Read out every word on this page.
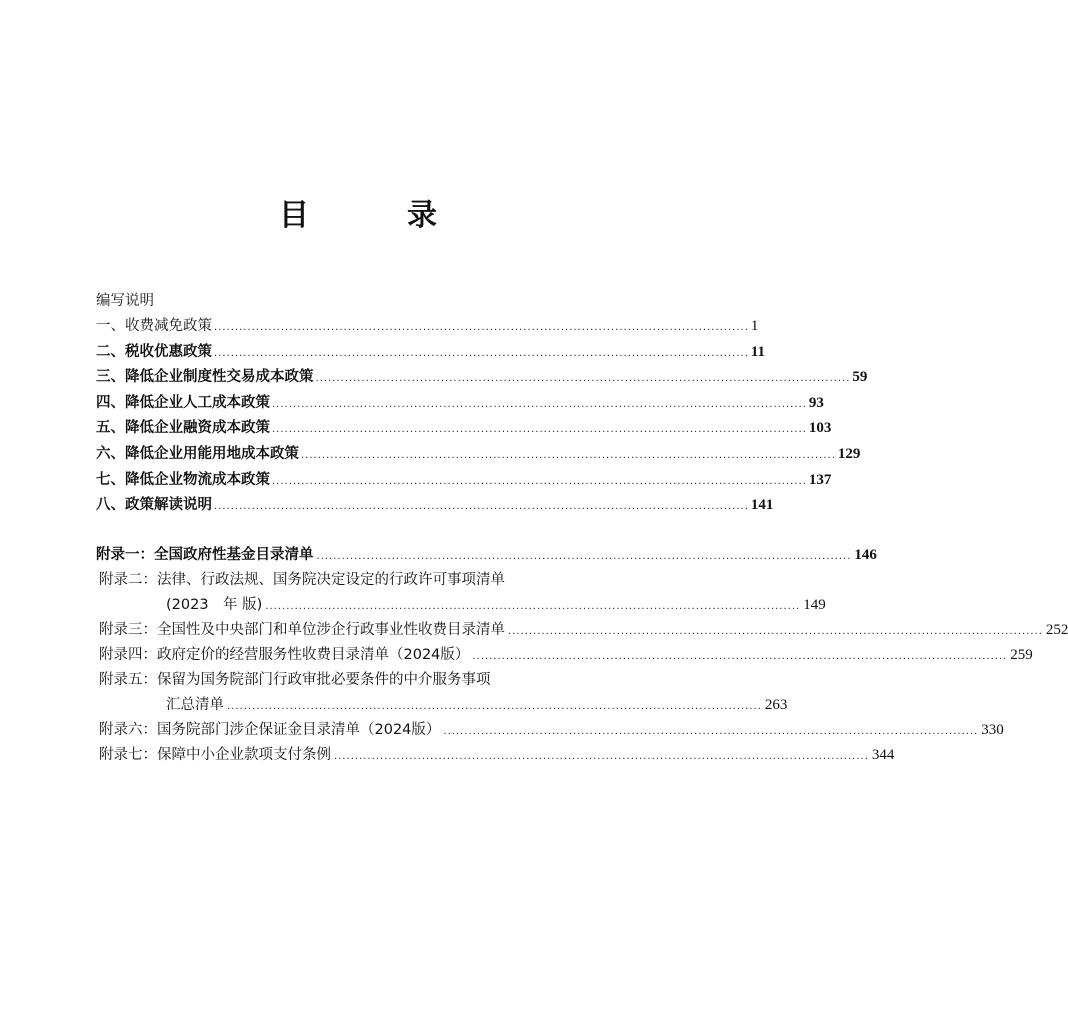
目　录
编写说明
一、收费减免政策 ................................................................................................................................ 1
二、税收优惠政策 ................................................................................................................................ 11
三、降低企业制度性交易成本政策 ................................................................................................................................ 59
四、降低企业人工成本政策 ................................................................................................................................ 93
五、降低企业融资成本政策 ................................................................................................................................ 103
六、降低企业用能用地成本政策 ................................................................................................................................ 129
七、降低企业物流成本政策 ................................................................................................................................ 137
八、政策解读说明 ................................................................................................................................ 141
附录一：全国政府性基金目录清单 ................................................................................................................................ 146
附录二：法律、行政法规、国务院决定设定的行政许可事项清单
(2023　年 版) ................................................................................................................................ 149
附录三：全国性及中央部门和单位涉企行政事业性收费目录清单 ................................................................................................................................ 252
附录四：政府定价的经营服务性收费目录清单（2024版） ................................................................................................................................ 259
附录五：保留为国务院部门行政审批必要条件的中介服务事项
汇总清单 ................................................................................................................................ 263
附录六：国务院部门涉企保证金目录清单（2024版） ................................................................................................................................ 330
附录七：保障中小企业款项支付条例 ................................................................................................................................ 344
